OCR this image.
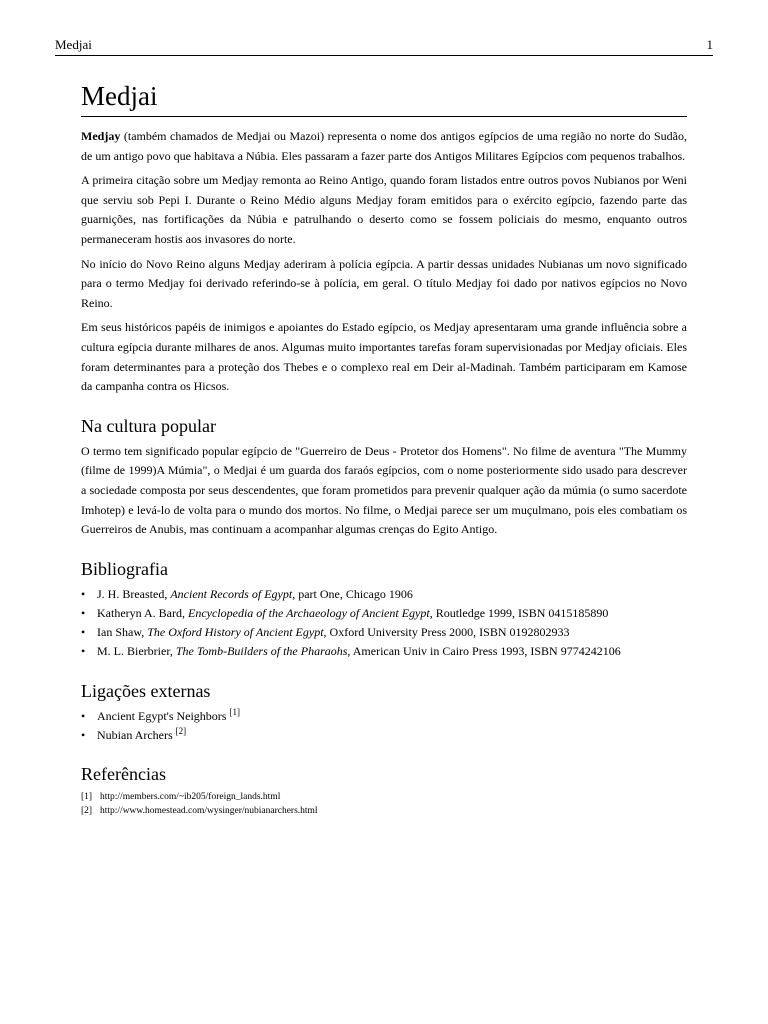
Medjai	1
Medjai

Medjay (também chamados de Medjai ou Mazoi) representa o nome dos antigos egípcios de uma região no norte do Sudão, de um antigo povo que habitava a Núbia. Eles passaram a fazer parte dos Antigos Militares Egípcios com pequenos trabalhos.

A primeira citação sobre um Medjay remonta ao Reino Antigo, quando foram listados entre outros povos Nubianos por Weni que serviu sob Pepi I. Durante o Reino Médio alguns Medjay foram emitidos para o exército egípcio, fazendo parte das guarnições, nas fortificações da Núbia e patrulhando o deserto como se fossem policiais do mesmo, enquanto outros permaneceram hostis aos invasores do norte.

No início do Novo Reino alguns Medjay aderiram à polícia egípcia. A partir dessas unidades Nubianas um novo significado para o termo Medjay foi derivado referindo-se à polícia, em geral. O título Medjay foi dado por nativos egípcios no Novo Reino.

Em seus históricos papéis de inimigos e apoiantes do Estado egípcio, os Medjay apresentaram uma grande influência sobre a cultura egípcia durante milhares de anos. Algumas muito importantes tarefas foram supervisionadas por Medjay oficiais. Eles foram determinantes para a proteção dos Thebes e o complexo real em Deir al-Madinah. Também participaram em Kamose da campanha contra os Hicsos.

Na cultura popular

O termo tem significado popular egípcio de "Guerreiro de Deus - Protetor dos Homens". No filme de aventura "The Mummy (filme de 1999)A Múmia", o Medjai é um guarda dos faraós egípcios, com o nome posteriormente sido usado para descrever a sociedade composta por seus descendentes, que foram prometidos para prevenir qualquer ação da múmia (o sumo sacerdote Imhotep) e levá-lo de volta para o mundo dos mortos. No filme, o Medjai parece ser um muçulmano, pois eles combatiam os Guerreiros de Anubis, mas continuam a acompanhar algumas crenças do Egito Antigo.

Bibliografia
• J. H. Breasted, Ancient Records of Egypt, part One, Chicago 1906
• Katheryn A. Bard, Encyclopedia of the Archaeology of Ancient Egypt, Routledge 1999, ISBN 0415185890
• Ian Shaw, The Oxford History of Ancient Egypt, Oxford University Press 2000, ISBN 0192802933
• M. L. Bierbrier, The Tomb-Builders of the Pharaohs, American Univ in Cairo Press 1993, ISBN 9774242106
Ligações externas
• Ancient Egypt's Neighbors [1]
• Nubian Archers [2]
Referências
[1] http://members.com/~ib205/foreign_lands.html
[2] http://www.homestead.com/wysinger/nubianarchers.html
